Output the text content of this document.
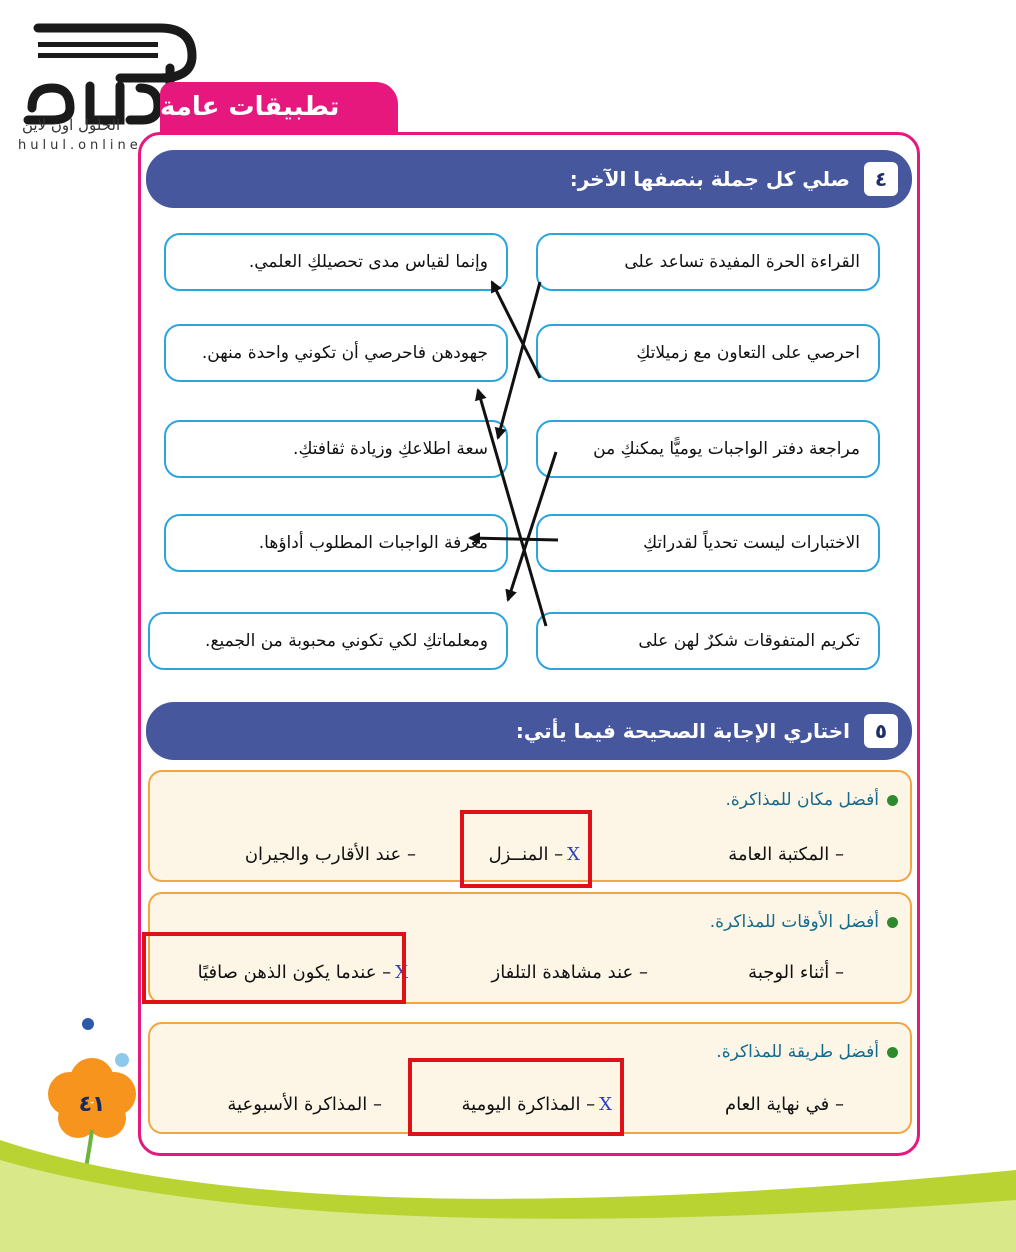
الحلول اون لاين
hulul.online
تطبيقات عامة
٤
صلي كل جملة بنصفها الآخر:
القراءة الحرة المفيدة تساعد على
احرصي على التعاون مع زميلاتكِ
مراجعة دفتر الواجبات يوميًّا يمكنكِ من
الاختبارات ليست تحدياً لقدراتكِ
تكريم المتفوقات شكرٌ لهن على
وإنما لقياس مدى تحصيلكِ العلمي.
جهودهن فاحرصي أن تكوني واحدة منهن.
سعة اطلاعكِ وزيادة ثقافتكِ.
معرفة الواجبات المطلوب أداؤها.
ومعلماتكِ لكي تكوني محبوبة من الجميع.
٥
اختاري الإجابة الصحيحة فيما يأتي:
أفضل مكان للمذاكرة.
– المكتبة العامة
X– المنــزل
– عند الأقارب والجيران
أفضل الأوقات للمذاكرة.
– أثناء الوجبة
– عند مشاهدة التلفاز
X– عندما يكون الذهن صافيًا
أفضل طريقة للمذاكرة.
– في نهاية العام
X– المذاكرة اليومية
– المذاكرة الأسبوعية
٤١
